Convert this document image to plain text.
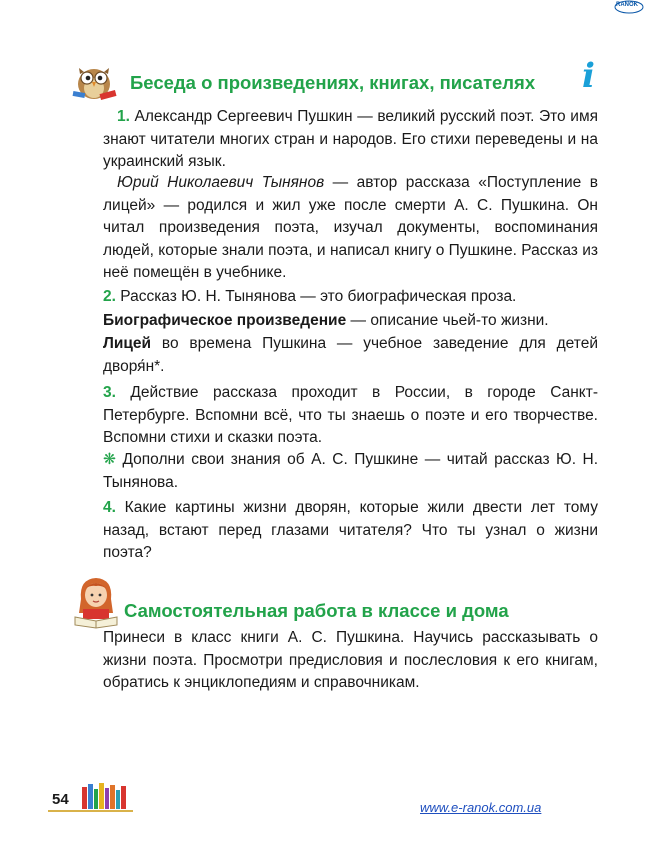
RANOK
Беседа о произведениях, книгах, писателях i

1. Александр Сергеевич Пушкин — великий русский поэт. Это имя знают читатели многих стран и народов. Его стихи переведены и на украинский язык.

Юрий Николаевич Тынянов — автор рассказа «Поступление в лицей» — родился и жил уже после смерти А. С. Пушкина. Он читал произведения поэта, изучал документы, воспоминания людей, которые знали поэта, и написал книгу о Пушкине. Рассказ из неё помещён в учебнике.

2. Рассказ Ю. Н. Тынянова — это биографическая проза.

Биографическое произведение — описание чьей-то жизни.

Лицей во времена Пушкина — учебное заведение для детей дворя́н*.

3. Действие рассказа проходит в России, в городе Санкт-Петербурге. Вспомни всё, что ты знаешь о поэте и его творчестве. Вспомни стихи и сказки поэта.

❋ Дополни свои знания об А. С. Пушкине — читай рассказ Ю. Н. Тынянова.

4. Какие картины жизни дворян, которые жили двести лет тому назад, встают перед глазами читателя? Что ты узнал о жизни поэта?

Самостоятельная работа в классе и дома

Принеси в класс книги А. С. Пушкина. Научись рассказывать о жизни поэта. Просмотри предисловия и послесловия к его книгам, обратись к энциклопедиям и справочникам.

54	www.e-ranok.com.ua
